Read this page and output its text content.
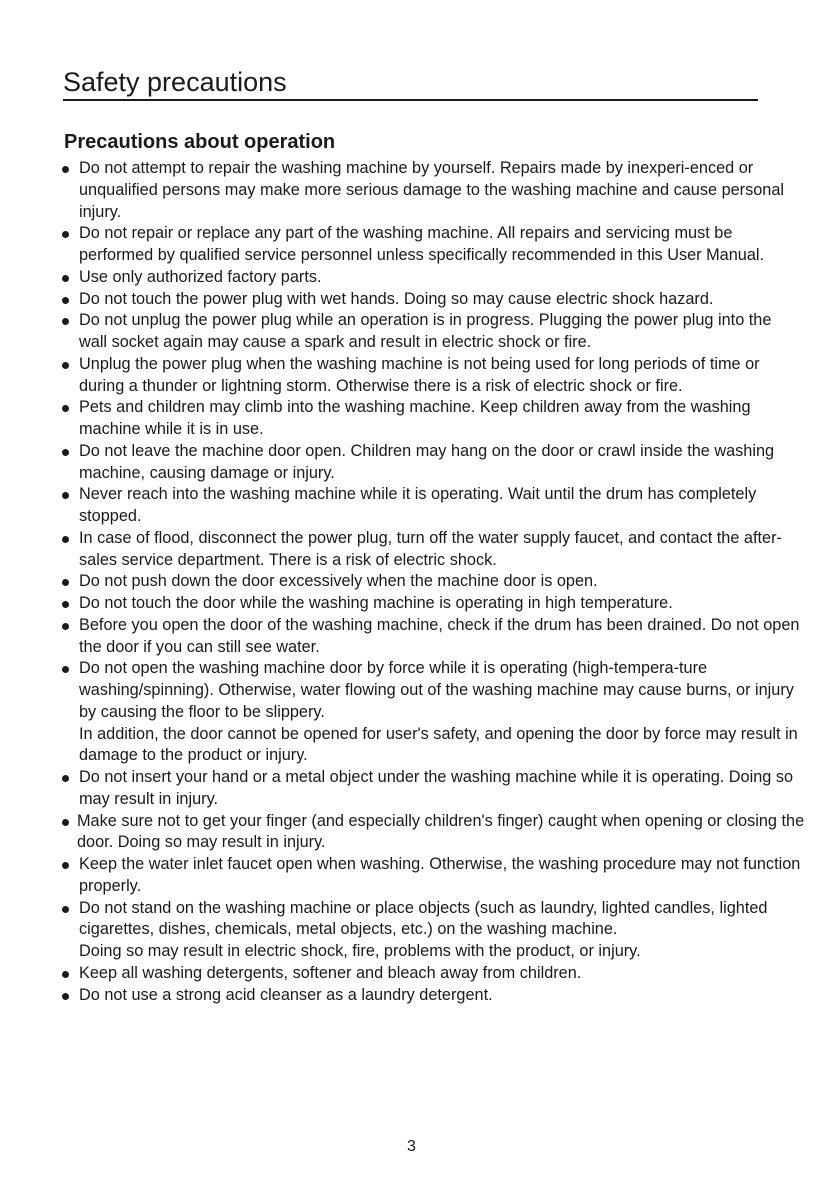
Safety precautions
Precautions about operation

Do not attempt to repair the washing machine by yourself. Repairs made by inexperi-enced or unqualified persons may make more serious damage to the washing machine and cause personal injury.

Do not repair or replace any part of the washing machine. All repairs and servicing must be performed by qualified service personnel unless specifically recommended in this User Manual.

Use only authorized factory parts.

Do not touch the power plug with wet hands. Doing so may cause electric shock hazard.

Do not unplug the power plug while an operation is in progress. Plugging the power plug into the wall socket again may cause a spark and result in electric shock or fire.

Unplug the power plug when the washing machine is not being used for long periods of time or during a thunder or lightning storm. Otherwise there is a risk of electric shock or fire.

Pets and children may climb into the washing machine. Keep children away from the washing machine while it is in use.

Do not leave the machine door open. Children may hang on the door or crawl inside the washing machine, causing damage or injury.

Never reach into the washing machine while it is operating. Wait until the drum has completely stopped.

In case of flood, disconnect the power plug, turn off the water supply faucet, and contact the after-sales service department. There is a risk of electric shock.

Do not push down the door excessively when the machine door is open.

Do not touch the door while the washing machine is operating in high temperature.

Before you open the door of the washing machine, check if the drum has been drained. Do not open the door if you can still see water.

Do not open the washing machine door by force while it is operating (high-tempera-ture washing/spinning). Otherwise, water flowing out of the washing machine may cause burns, or injury by causing the floor to be slippery.

In addition, the door cannot be opened for user's safety, and opening the door by force may result in damage to the product or injury.

Do not insert your hand or a metal object under the washing machine while it is operating. Doing so may result in injury.

Make sure not to get your finger (and especially children's finger) caught when opening or closing the door. Doing so may result in injury.

Keep the water inlet faucet open when washing. Otherwise, the washing procedure may not function properly.

Do not stand on the washing machine or place objects (such as laundry, lighted candles, lighted cigarettes, dishes, chemicals, metal objects, etc.) on the washing machine.

Doing so may result in electric shock, fire, problems with the product, or injury.

Keep all washing detergents, softener and bleach away from children.

Do not use a strong acid cleanser as a laundry detergent.

3
